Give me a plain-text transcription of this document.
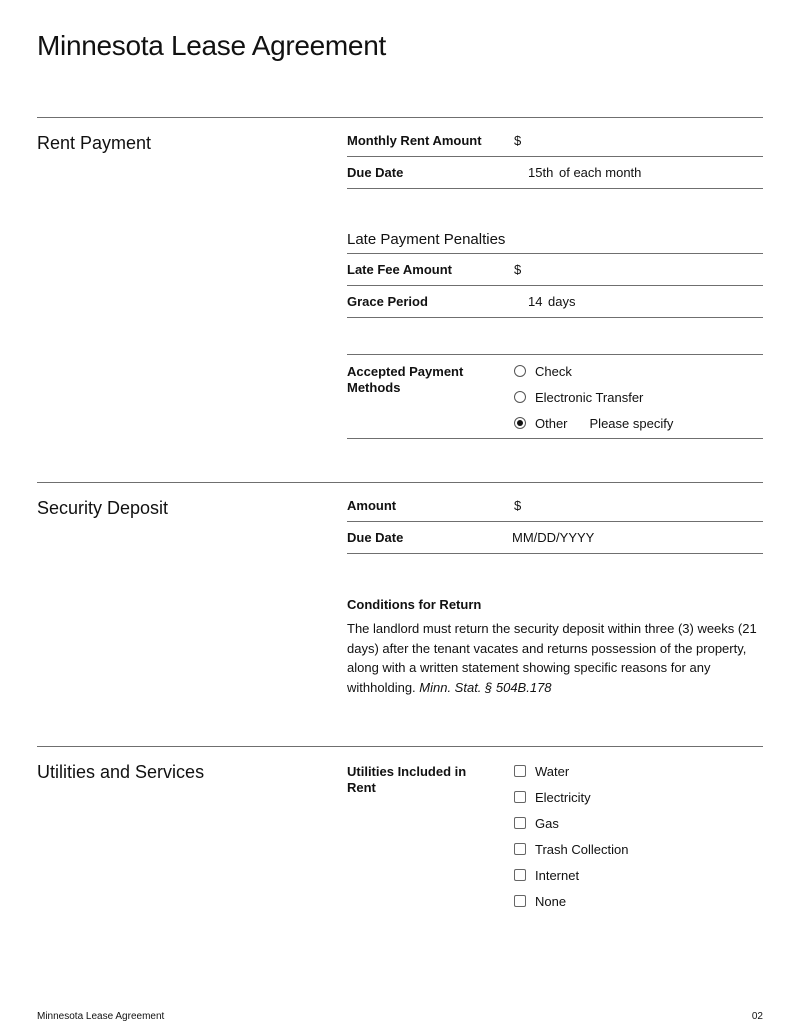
Minnesota Lease Agreement
Rent Payment	Monthly Rent Amount $
Due Date	15th of each month
Late Payment Penalties
Late Fee Amount	$
Grace Period	14 days
Accepted Payment Methods
Check
Electronic Transfer
Other Please specify
Security Deposit	Amount	$
Due Date	MM/DD/YYYY
Conditions for Return
The landlord must return the security deposit within three (3) weeks (21 days) after the tenant vacates and returns possession of the property, along with a written statement showing specific reasons for any withholding. Minn. Stat. § 504B.178
Utilities and Services	Utilities Included in Rent
Water
Electricity
Gas
Trash Collection
Internet
None
Minnesota Lease Agreement	02
